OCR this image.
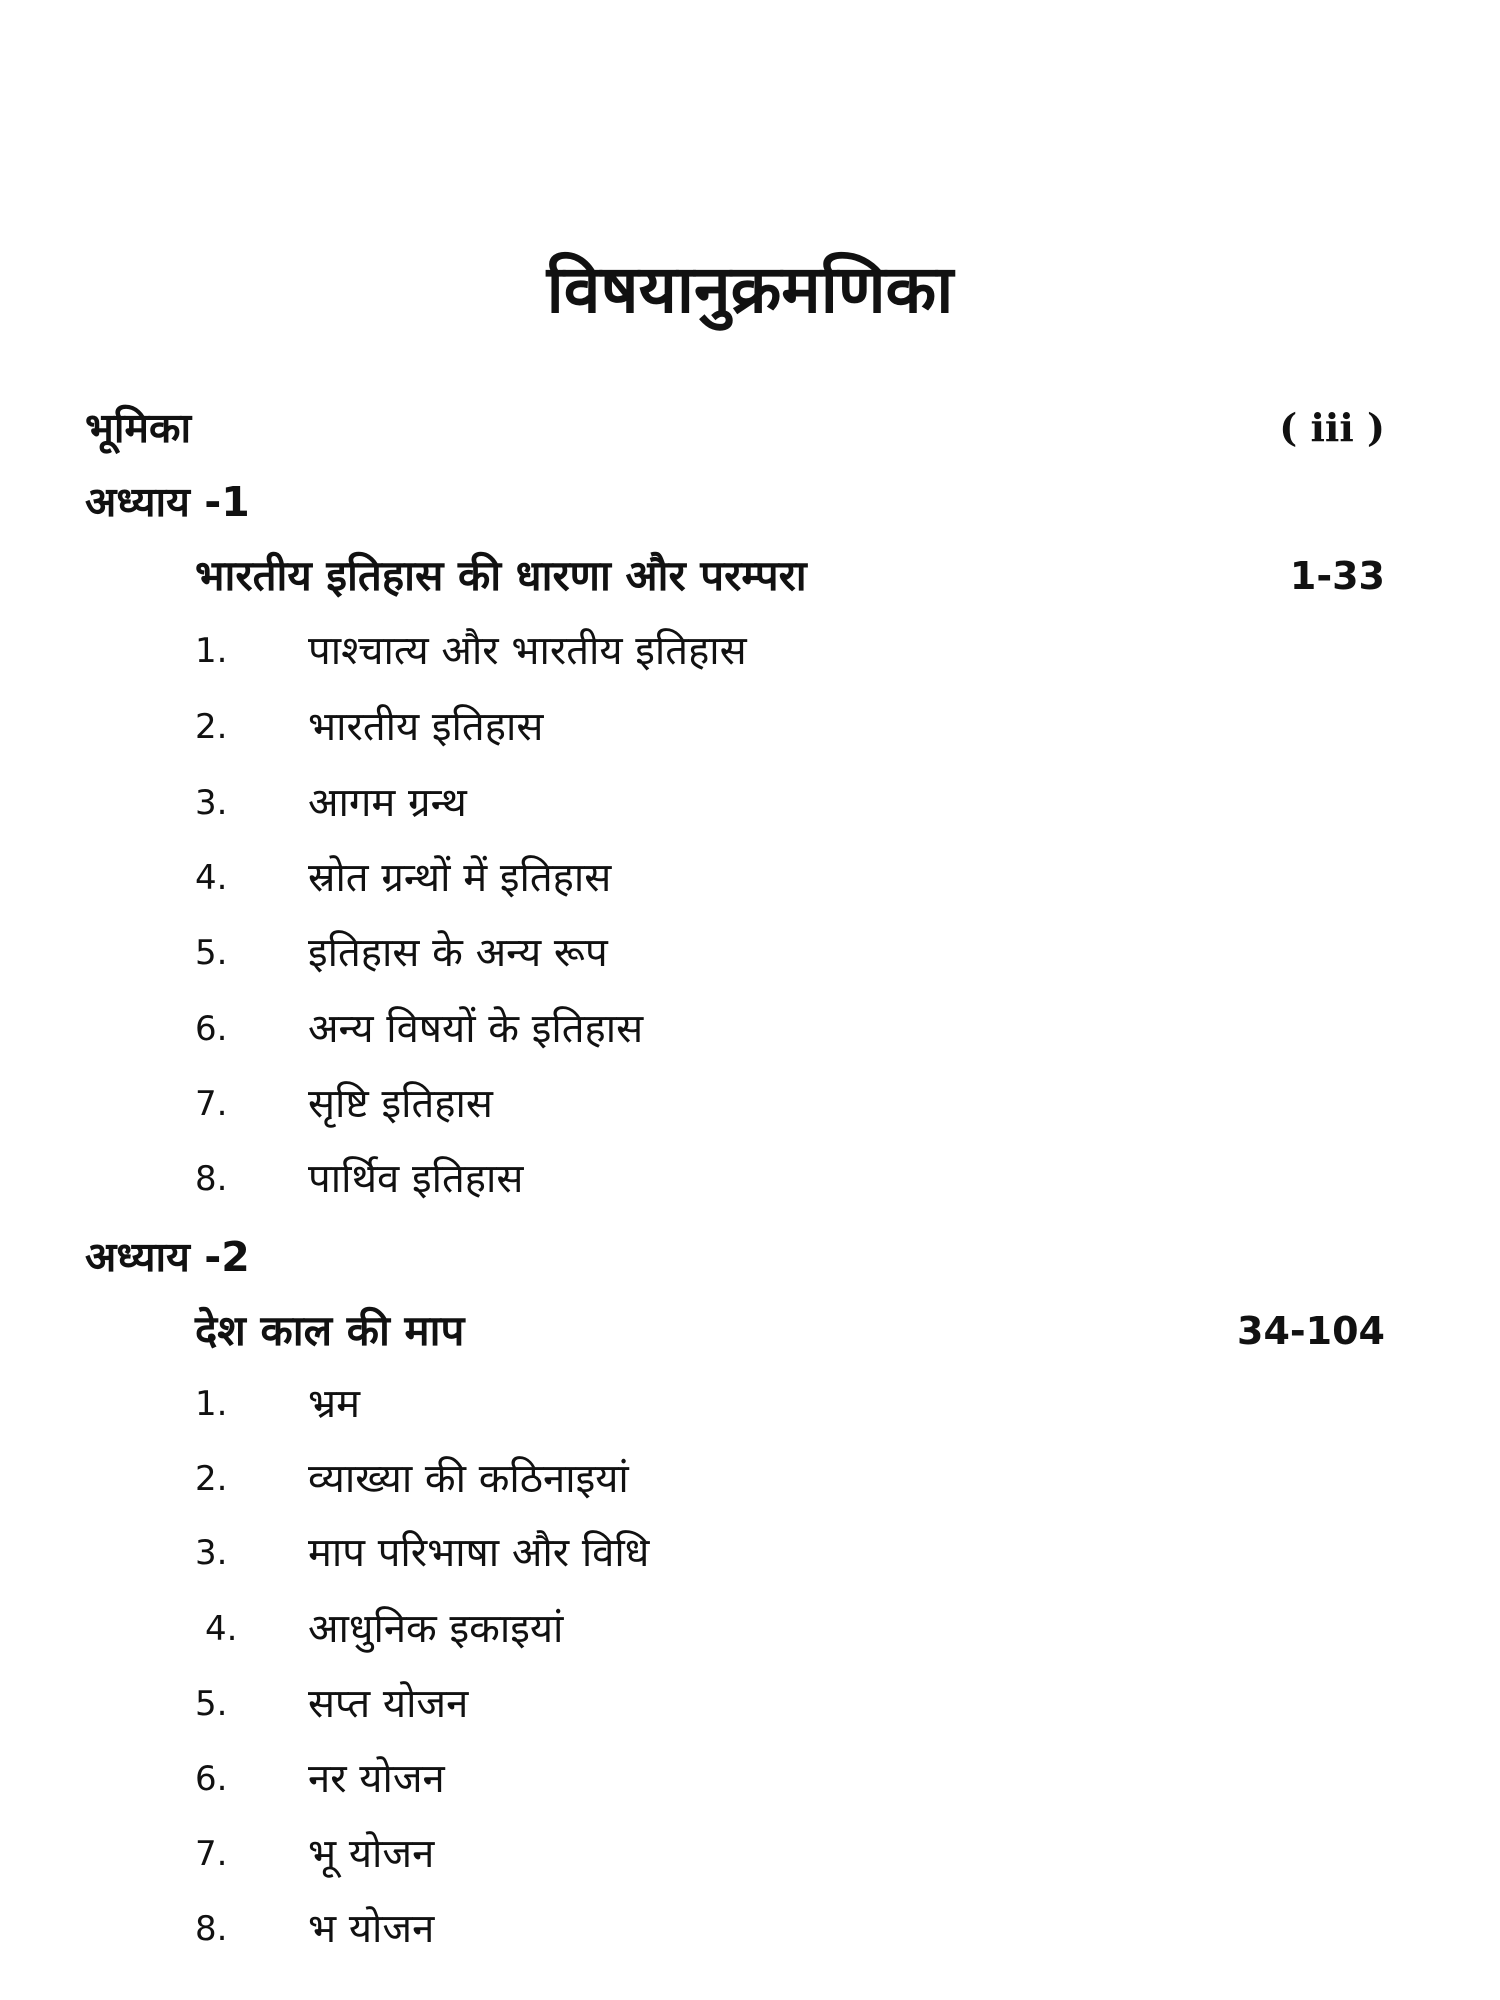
विषयानुक्रमणिका
भूमिका	( iii )
अध्याय -1
भारतीय इतिहास की धारणा और परम्परा	1-33
1. पाश्चात्य और भारतीय इतिहास
2. भारतीय इतिहास
3. आगम ग्रन्थ
4. स्रोत ग्रन्थों में इतिहास
5. इतिहास के अन्य रूप
6. अन्य विषयों के इतिहास
7. सृष्टि इतिहास
8. पार्थिव इतिहास
अध्याय -2
देश काल की माप	34-104
1. भ्रम
2. व्याख्या की कठिनाइयां
3. माप परिभाषा और विधि
4. आधुनिक इकाइयां
5. सप्त योजन
6. नर योजन
7. भू योजन
8. भ योजन
